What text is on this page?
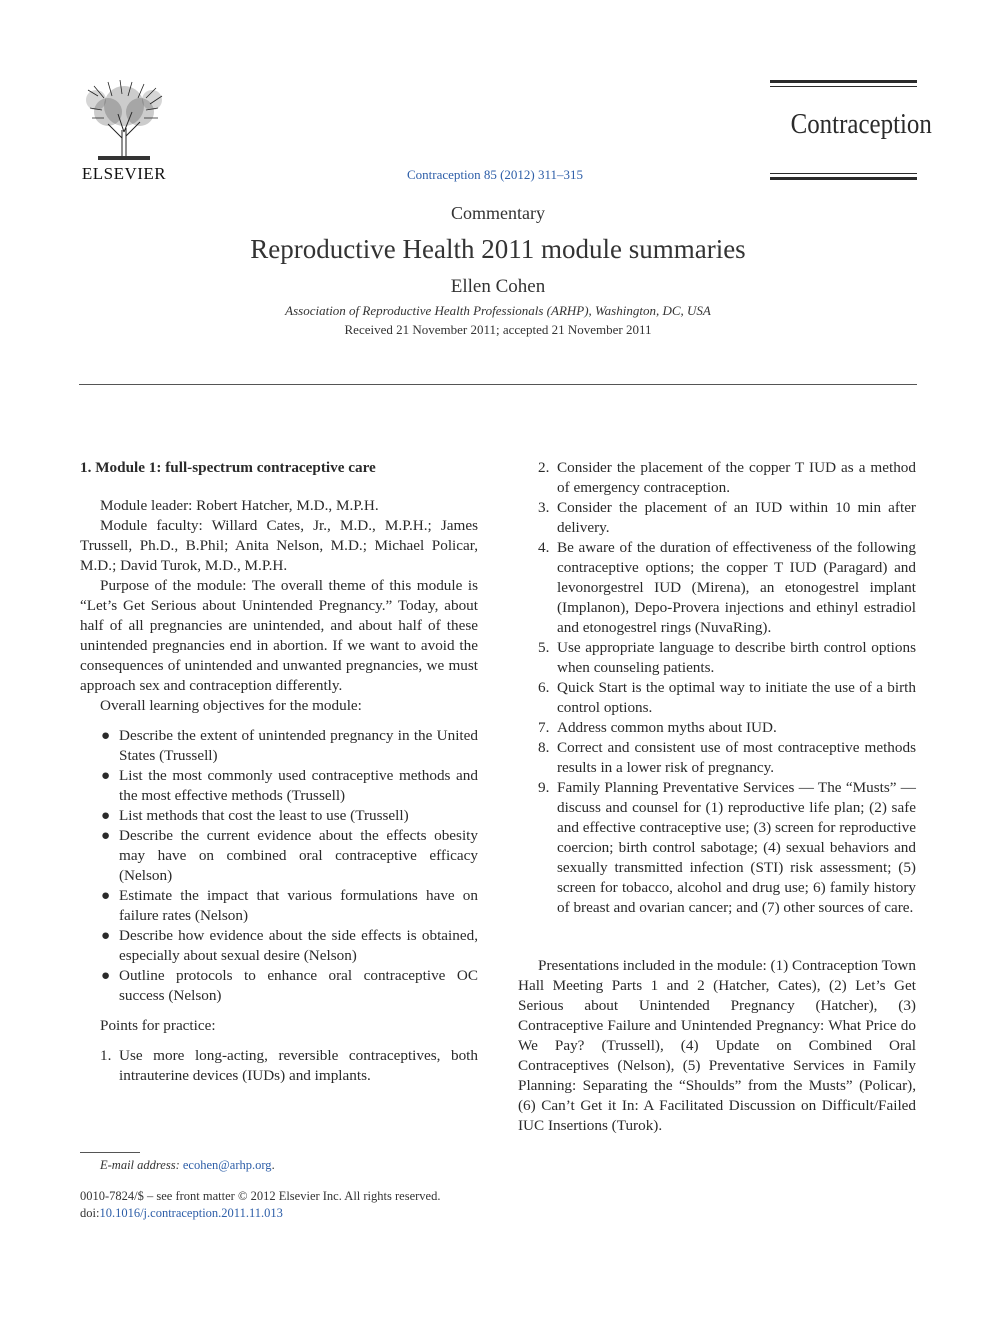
ELSEVIER	Contraception 85 (2012) 311–315
Contraception
Commentary
Reproductive Health 2011 module summaries
Ellen Cohen
Association of Reproductive Health Professionals (ARHP), Washington, DC, USA
Received 21 November 2011; accepted 21 November 2011

1. Module 1: full-spectrum contraceptive care

Module leader: Robert Hatcher, M.D., M.P.H.

Module faculty: Willard Cates, Jr., M.D., M.P.H.; James Trussell, Ph.D., B.Phil; Anita Nelson, M.D.; Michael Policar, M.D.; David Turok, M.D., M.P.H.

Purpose of the module: The overall theme of this module is “Let’s Get Serious about Unintended Pregnancy.” Today, about half of all pregnancies are unintended, and about half of these unintended pregnancies end in abortion. If we want to avoid the consequences of unintended and unwanted pregnancies, we must approach sex and contraception differently.

Overall learning objectives for the module:

● Describe the extent of unintended pregnancy in the United States (Trussell)
● List the most commonly used contraceptive methods and the most effective methods (Trussell)
● List methods that cost the least to use (Trussell)
● Describe the current evidence about the effects obesity may have on combined oral contraceptive efficacy (Nelson)
● Estimate the impact that various formulations have on failure rates (Nelson)
● Describe how evidence about the side effects is obtained, especially about sexual desire (Nelson)
● Outline protocols to enhance oral contraceptive OC success (Nelson)

Points for practice:

1. Use more long-acting, reversible contraceptives, both intrauterine devices (IUDs) and implants.
2. Consider the placement of the copper T IUD as a method of emergency contraception.
3. Consider the placement of an IUD within 10 min after delivery.
4. Be aware of the duration of effectiveness of the following contraceptive options; the copper T IUD (Paragard) and levonorgestrel IUD (Mirena), an etonogestrel implant (Implanon), Depo-Provera injections and ethinyl estradiol and etonogestrel rings (NuvaRing).
5. Use appropriate language to describe birth control options when counseling patients.
6. Quick Start is the optimal way to initiate the use of a birth control options.
7. Address common myths about IUD.
8. Correct and consistent use of most contraceptive methods results in a lower risk of pregnancy.
9. Family Planning Preventative Services — The “Musts” — discuss and counsel for (1) reproductive life plan; (2) safe and effective contraceptive use; (3) screen for reproductive coercion; birth control sabotage; (4) sexual behaviors and sexually transmitted infection (STI) risk assessment; (5) screen for tobacco, alcohol and drug use; 6) family history of breast and ovarian cancer; and (7) other sources of care.

Presentations included in the module: (1) Contraception Town Hall Meeting Parts 1 and 2 (Hatcher, Cates), (2) Let’s Get Serious about Unintended Pregnancy (Hatcher), (3) Contraceptive Failure and Unintended Pregnancy: What Price do We Pay? (Trussell), (4) Update on Combined Oral Contraceptives (Nelson), (5) Preventative Services in Family Planning: Separating the “Shoulds” from the Musts” (Policar), (6) Can’t Get it In: A Facilitated Discussion on Difficult/Failed IUC Insertions (Turok).

E-mail address: ecohen@arhp.org.
0010-7824/$ – see front matter © 2012 Elsevier Inc. All rights reserved.
doi:10.1016/j.contraception.2011.11.013
